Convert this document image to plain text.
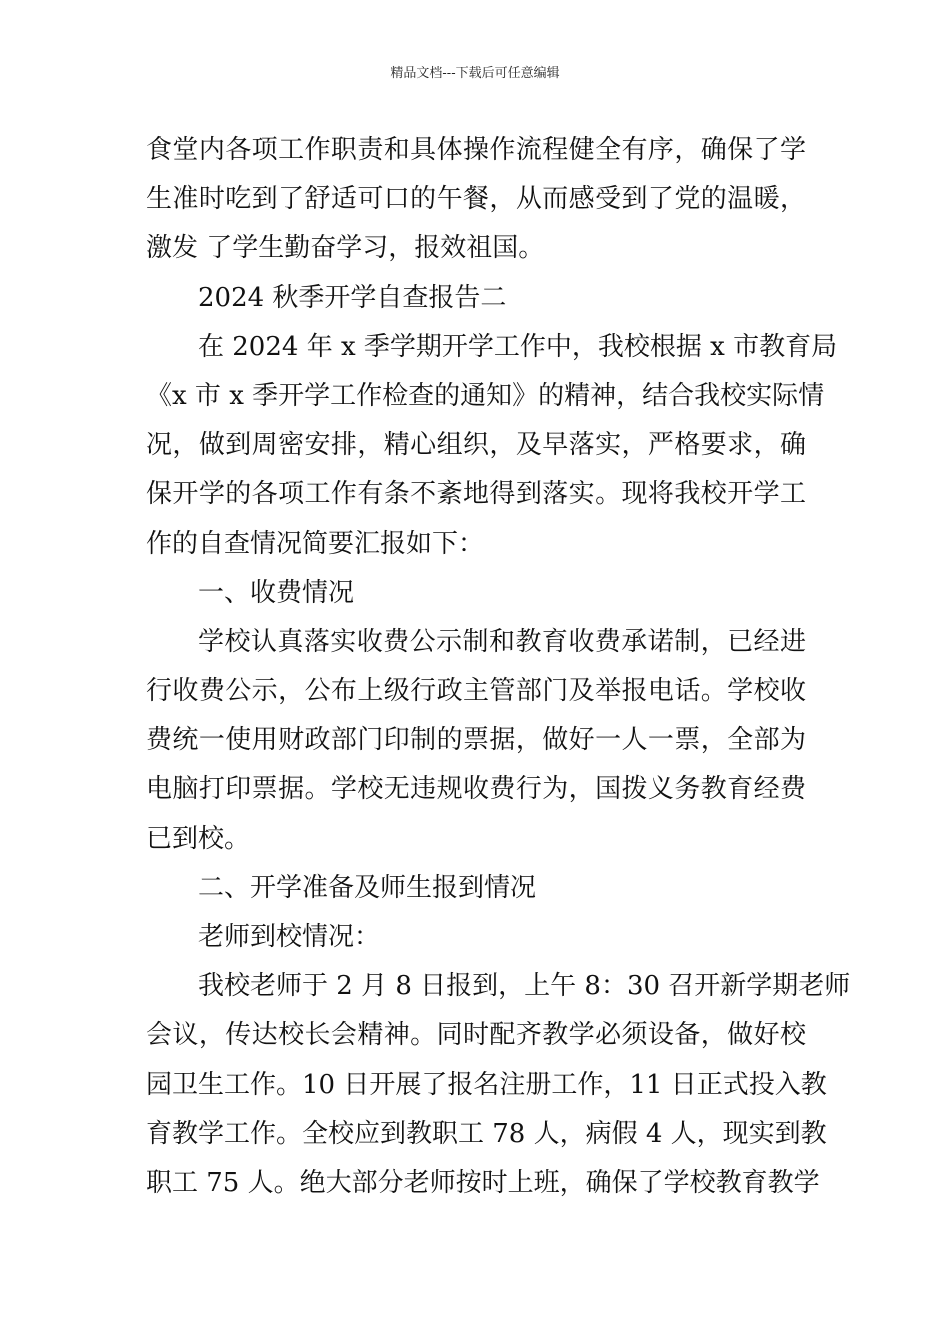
精品文档---下载后可任意编辑
食堂内各项工作职责和具体操作流程健全有序，确保了学
生准时吃到了舒适可口的午餐，从而感受到了党的温暖，
激发 了学生勤奋学习，报效祖国。
2024 秋季开学自查报告二
在 2024 年 x 季学期开学工作中，我校根据 x 市教育局
《x 市 x 季开学工作检查的通知》的精神，结合我校实际情
况，做到周密安排，精心组织，及早落实，严格要求，确
保开学的各项工作有条不紊地得到落实。现将我校开学工
作的自查情况简要汇报如下：
一、收费情况
学校认真落实收费公示制和教育收费承诺制，已经进
行收费公示，公布上级行政主管部门及举报电话。学校收
费统一使用财政部门印制的票据，做好一人一票，全部为
电脑打印票据。学校无违规收费行为，国拨义务教育经费
已到校。
二、开学准备及师生报到情况
老师到校情况：
我校老师于 2 月 8 日报到，上午 8：30 召开新学期老师
会议，传达校长会精神。同时配齐教学必须设备，做好校
园卫生工作。10 日开展了报名注册工作，11 日正式投入教
育教学工作。全校应到教职工 78 人，病假 4 人，现实到教
职工 75 人。绝大部分老师按时上班，确保了学校教育教学
